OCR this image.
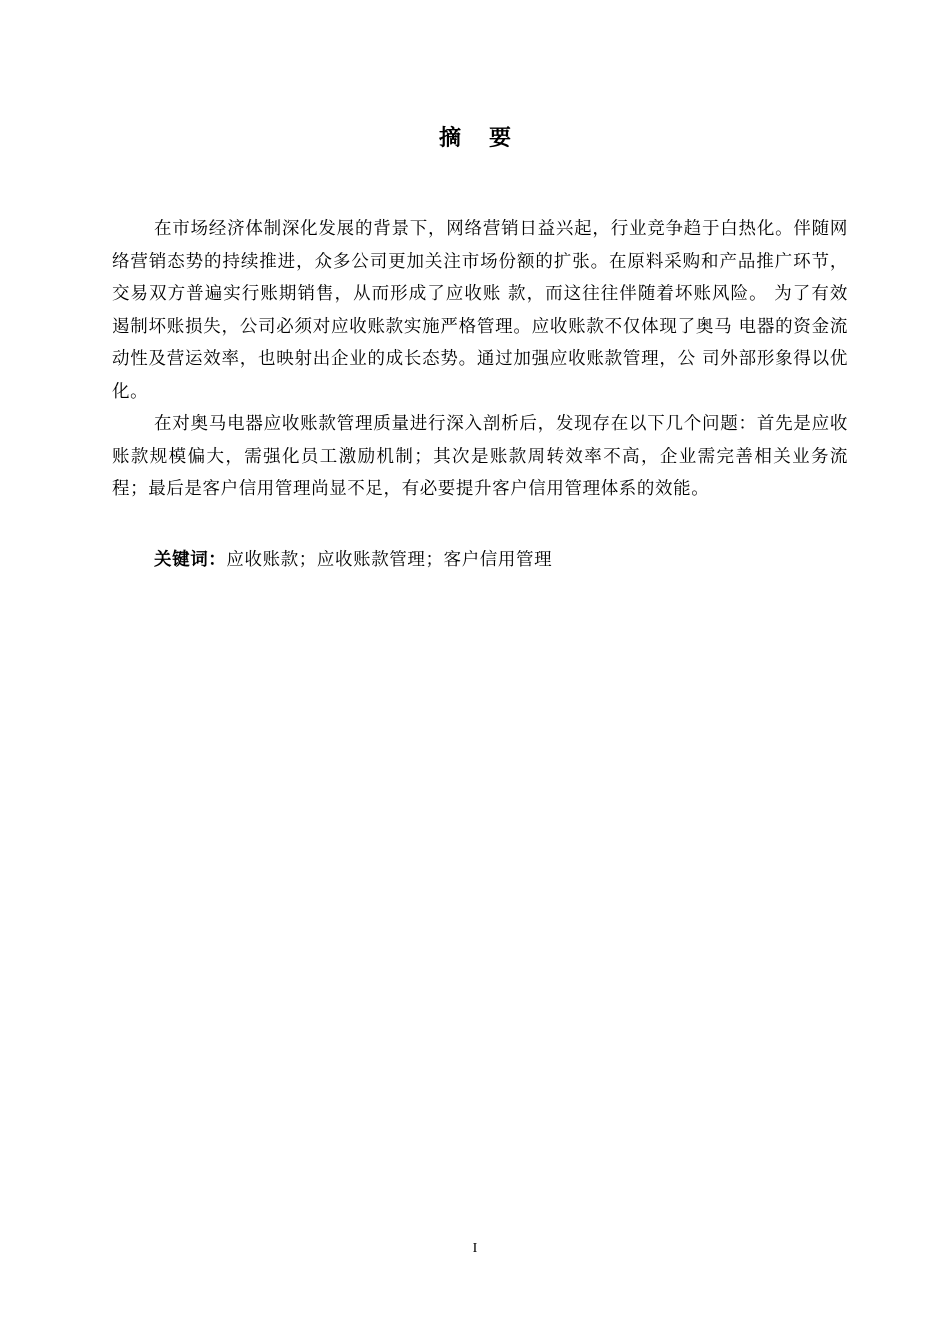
摘要

在市场经济体制深化发展的背景下，网络营销日益兴起，行业竞争趋于白热化。伴随网络营销态势的持续推进，众多公司更加关注市场份额的扩张。在原料采购和产品推广环节，交易双方普遍实行账期销售，从而形成了应收账 款，而这往往伴随着坏账风险。 为了有效遏制坏账损失，公司必须对应收账款实施严格管理。应收账款不仅体现了奥马 电器的资金流动性及营运效率，也映射出企业的成长态势。通过加强应收账款管理，公 司外部形象得以优化。

在对奥马电器应收账款管理质量进行深入剖析后，发现存在以下几个问题：首先是应收账款规模偏大，需强化员工激励机制；其次是账款周转效率不高，企业需完善相关业务流程；最后是客户信用管理尚显不足，有必要提升客户信用管理体系的效能。

关键词：应收账款；应收账款管理；客户信用管理
I
